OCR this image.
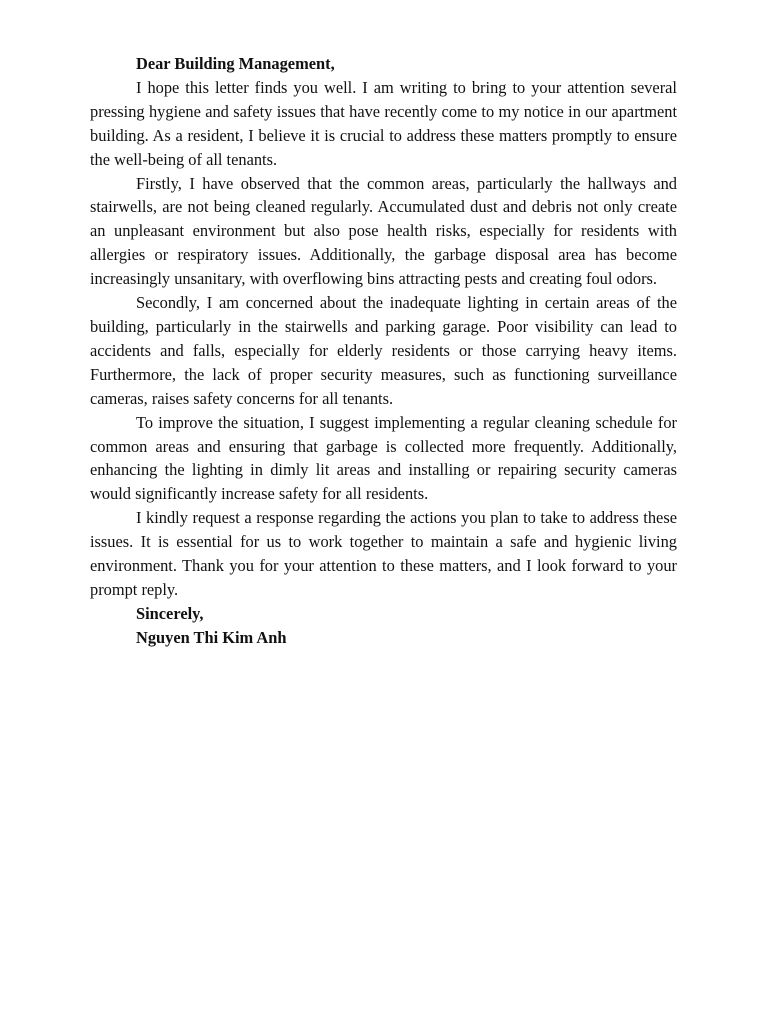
Dear Building Management,

I hope this letter finds you well. I am writing to bring to your attention several pressing hygiene and safety issues that have recently come to my notice in our apartment building. As a resident, I believe it is crucial to address these matters promptly to ensure the well-being of all tenants.

Firstly, I have observed that the common areas, particularly the hallways and stairwells, are not being cleaned regularly. Accumulated dust and debris not only create an unpleasant environment but also pose health risks, especially for residents with allergies or respiratory issues. Additionally, the garbage disposal area has become increasingly unsanitary, with overflowing bins attracting pests and creating foul odors.

Secondly, I am concerned about the inadequate lighting in certain areas of the building, particularly in the stairwells and parking garage. Poor visibility can lead to accidents and falls, especially for elderly residents or those carrying heavy items. Furthermore, the lack of proper security measures, such as functioning surveillance cameras, raises safety concerns for all tenants.

To improve the situation, I suggest implementing a regular cleaning schedule for common areas and ensuring that garbage is collected more frequently. Additionally, enhancing the lighting in dimly lit areas and installing or repairing security cameras would significantly increase safety for all residents.

I kindly request a response regarding the actions you plan to take to address these issues. It is essential for us to work together to maintain a safe and hygienic living environment. Thank you for your attention to these matters, and I look forward to your prompt reply.

Sincerely,

Nguyen Thi Kim Anh
